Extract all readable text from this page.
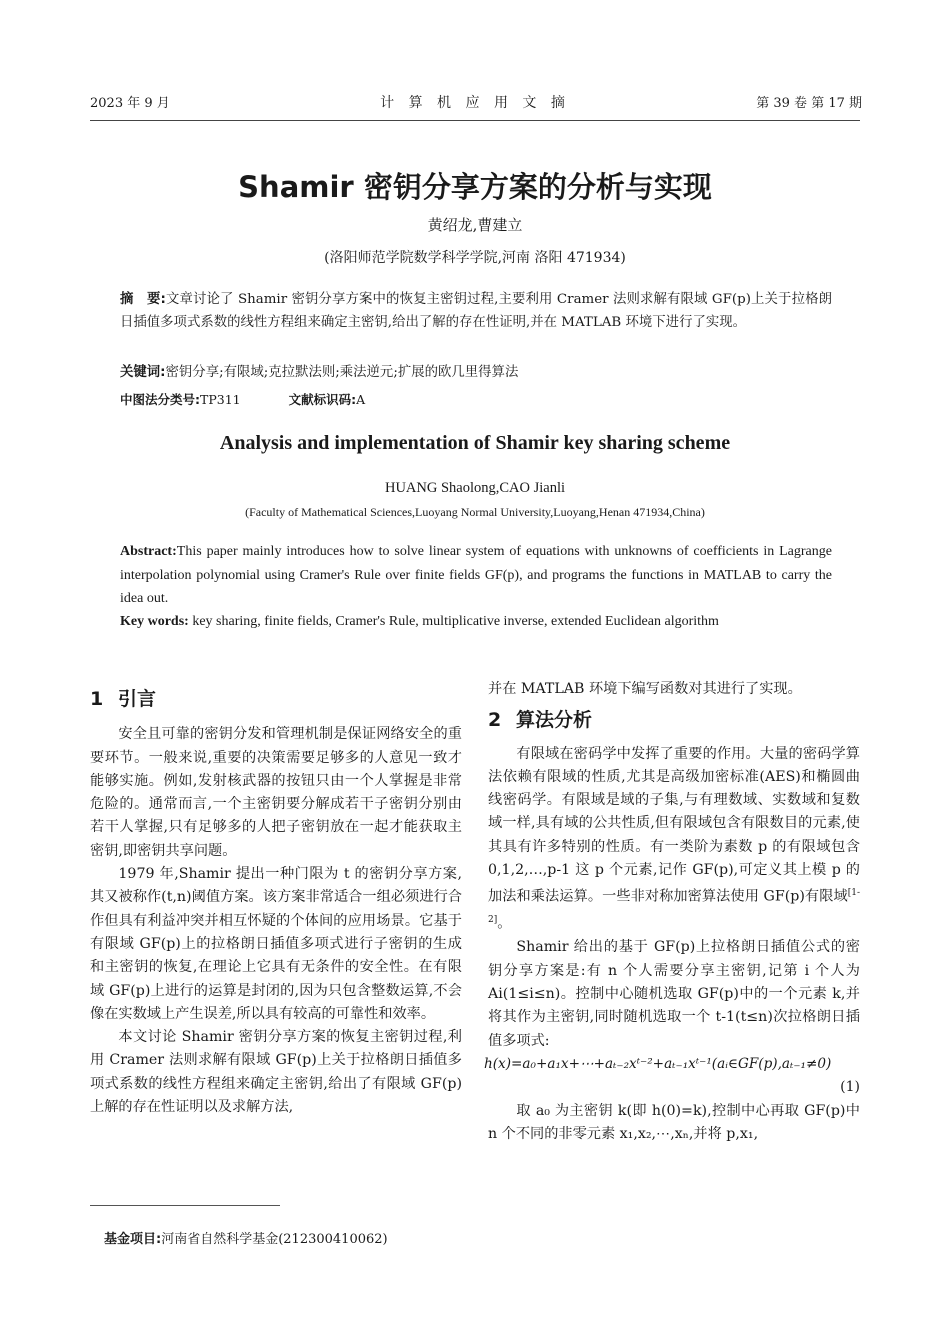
2023 年 9 月	计 算 机 应 用 文 摘	第 39 卷 第 17 期
Shamir 密钥分享方案的分析与实现
黄绍龙,曹建立
(洛阳师范学院数学科学学院,河南 洛阳 471934)
摘　要:文章讨论了 Shamir 密钥分享方案中的恢复主密钥过程,主要利用 Cramer 法则求解有限域 GF(p)上关于拉格朗日插值多项式系数的线性方程组来确定主密钥,给出了解的存在性证明,并在 MATLAB 环境下进行了实现。
关键词:密钥分享;有限域;克拉默法则;乘法逆元;扩展的欧几里得算法
中图法分类号:TP311	文献标识码:A
Analysis and implementation of Shamir key sharing scheme
HUANG Shaolong,CAO Jianli
(Faculty of Mathematical Sciences,Luoyang Normal University,Luoyang,Henan 471934,China)
Abstract:This paper mainly introduces how to solve linear system of equations with unknowns of coefficients in Lagrange interpolation polynomial using Cramer's Rule over finite fields GF(p), and programs the functions in MATLAB to carry the idea out.
Key words: key sharing, finite fields, Cramer's Rule, multiplicative inverse, extended Euclidean algorithm
1 引言

安全且可靠的密钥分发和管理机制是保证网络安全的重要环节。一般来说,重要的决策需要足够多的人意见一致才能够实施。例如,发射核武器的按钮只由一个人掌握是非常危险的。通常而言,一个主密钥要分解成若干子密钥分别由若干人掌握,只有足够多的人把子密钥放在一起才能获取主密钥,即密钥共享问题。

1979 年,Shamir 提出一种门限为 t 的密钥分享方案,其又被称作(t,n)阈值方案。该方案非常适合一组必须进行合作但具有利益冲突并相互怀疑的个体间的应用场景。它基于有限域 GF(p)上的拉格朗日插值多项式进行子密钥的生成和主密钥的恢复,在理论上它具有无条件的安全性。在有限域 GF(p)上进行的运算是封闭的,因为只包含整数运算,不会像在实数域上产生误差,所以具有较高的可靠性和效率。

本文讨论 Shamir 密钥分享方案的恢复主密钥过程,利用 Cramer 法则求解有限域 GF(p)上关于拉格朗日插值多项式系数的线性方程组来确定主密钥,给出了有限域 GF(p)上解的存在性证明以及求解方法,

并在 MATLAB 环境下编写函数对其进行了实现。

2 算法分析

有限域在密码学中发挥了重要的作用。大量的密码学算法依赖有限域的性质,尤其是高级加密标准(AES)和椭圆曲线密码学。有限域是域的子集,与有理数域、实数域和复数域一样,具有域的公共性质,但有限域包含有限数目的元素,使其具有许多特别的性质。有一类阶为素数 p 的有限域包含 0,1,2,…,p-1 这 p 个元素,记作 GF(p),可定义其上模 p 的加法和乘法运算。一些非对称加密算法使用 GF(p)有限域[1-2]。

Shamir 给出的基于 GF(p)上拉格朗日插值公式的密钥分享方案是:有 n 个人需要分享主密钥,记第 i 个人为 Ai(1≤i≤n)。控制中心随机选取 GF(p)中的一个元素 k,并将其作为主密钥,同时随机选取一个 t-1(t≤n)次拉格朗日插值多项式:

h(x)=a₀+a₁x+⋯+aₜ₋₂xᵗ⁻²+aₜ₋₁xᵗ⁻¹(aᵢ∈GF(p),aₜ₋₁≠0)
(1)

取 a₀ 为主密钥 k(即 h(0)=k),控制中心再取 GF(p)中 n 个不同的非零元素 x₁,x₂,⋯,xₙ,并将 p,x₁,

基金项目:河南省自然科学基金(212300410062)
